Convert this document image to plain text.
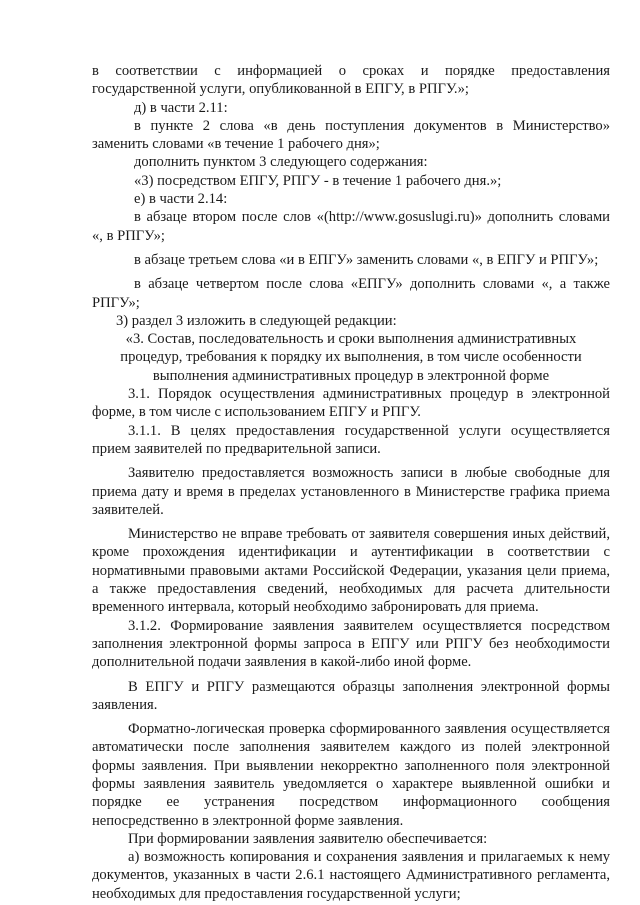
в соответствии с информацией о сроках и порядке предоставления государственной услуги, опубликованной в ЕПГУ, в РПГУ.»;

д) в части 2.11:

в пункте 2 слова «в день поступления документов в Министерство» заменить словами «в течение 1 рабочего дня»;

дополнить пунктом 3 следующего содержания:

«3) посредством ЕПГУ, РПГУ - в течение 1 рабочего дня.»;

е) в части 2.14:

в абзаце втором после слов «(http://www.gosuslugi.ru)» дополнить словами «, в РПГУ»;

в абзаце третьем слова «и в ЕПГУ» заменить словами «, в ЕПГУ и РПГУ»;

в абзаце четвертом после слова «ЕПГУ» дополнить словами «, а также РПГУ»;

3) раздел 3 изложить в следующей редакции:

«3. Состав, последовательность и сроки выполнения административных процедур, требования к порядку их выполнения, в том числе особенности выполнения административных процедур в электронной форме

3.1. Порядок осуществления административных процедур в электронной форме, в том числе с использованием ЕПГУ и РПГУ.

3.1.1. В целях предоставления государственной услуги осуществляется прием заявителей по предварительной записи.

Заявителю предоставляется возможность записи в любые свободные для приема дату и время в пределах установленного в Министерстве графика приема заявителей.

Министерство не вправе требовать от заявителя совершения иных действий, кроме прохождения идентификации и аутентификации в соответствии с нормативными правовыми актами Российской Федерации, указания цели приема, а также предоставления сведений, необходимых для расчета длительности временного интервала, который необходимо забронировать для приема.

3.1.2. Формирование заявления заявителем осуществляется посредством заполнения электронной формы запроса в ЕПГУ или РПГУ без необходимости дополнительной подачи заявления в какой-либо иной форме.

В ЕПГУ и РПГУ размещаются образцы заполнения электронной формы заявления.

Форматно-логическая проверка сформированного заявления осуществляется автоматически после заполнения заявителем каждого из полей электронной формы заявления. При выявлении некорректно заполненного поля электронной формы заявления заявитель уведомляется о характере выявленной ошибки и порядке ее устранения посредством информационного сообщения непосредственно в электронной форме заявления.

При формировании заявления заявителю обеспечивается:

а) возможность копирования и сохранения заявления и прилагаемых к нему документов, указанных в части 2.6.1 настоящего Административного регламента, необходимых для предоставления государственной услуги;
